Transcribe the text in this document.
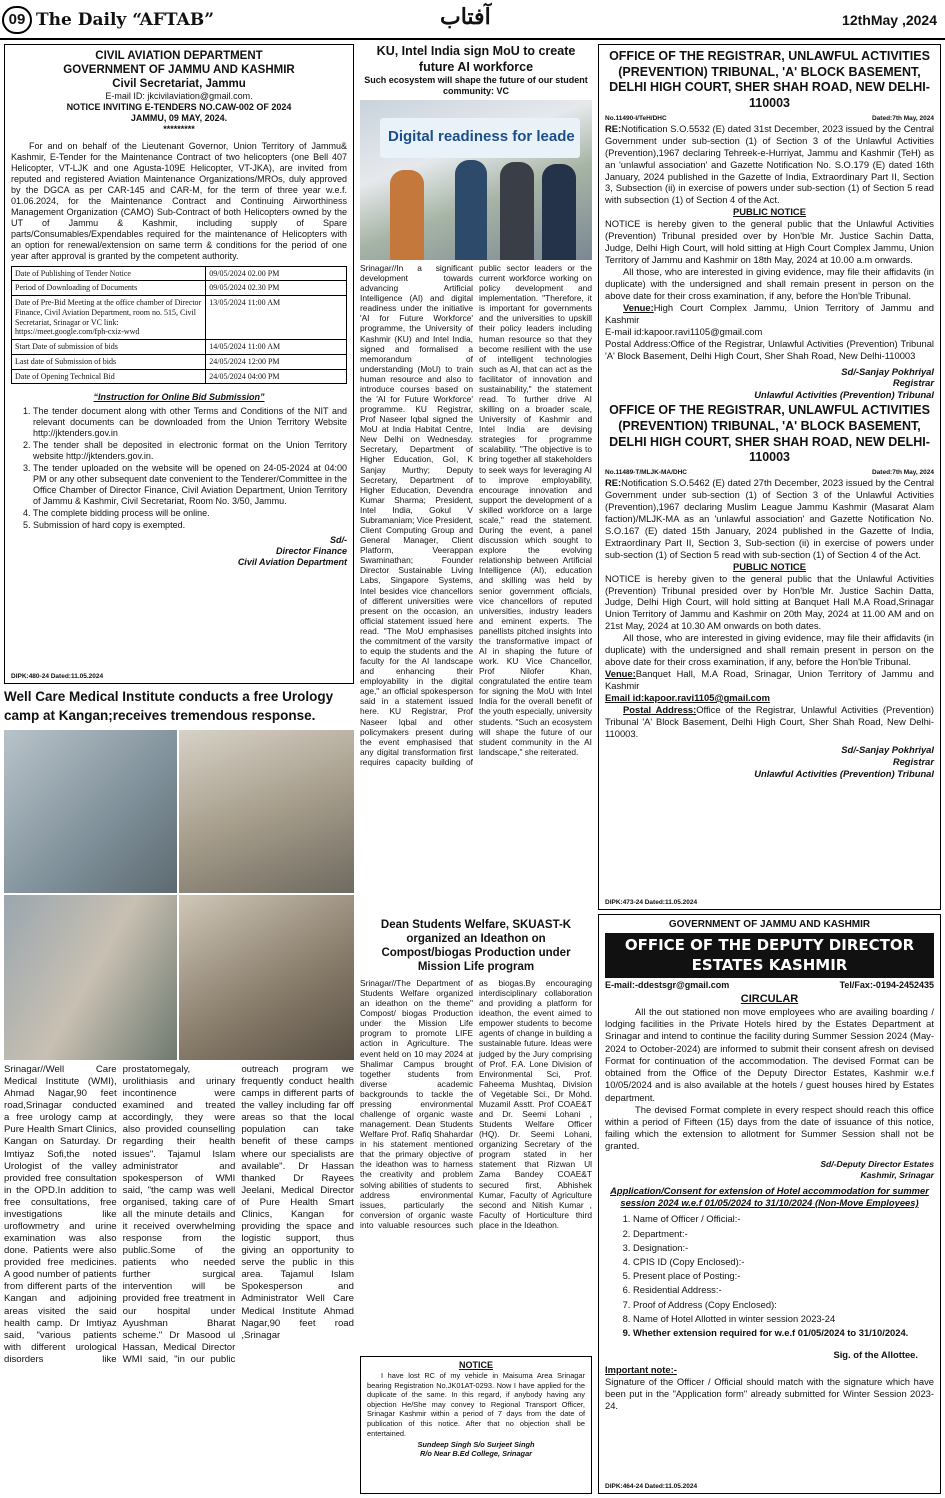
09 The Daily “AFTAB”	آفتاب	12thMay ,2024
CIVIL AVIATION DEPARTMENT
GOVERNMENT OF JAMMU AND KASHMIR
Civil Secretariat, Jammu
E-mail ID: jkcivilaviation@gmail.com.
NOTICE INVITING E-TENDERS NO.CAW-002 OF 2024
JAMMU, 09 MAY, 2024.
*********

For and on behalf of the Lieutenant Governor, Union Territory of Jammu& Kashmir, E-Tender for the Maintenance Contract of two helicopters (one Bell 407 Helicopter, VT-LJK and one Agusta-109E Helicopter, VT-JKA), are invited from reputed and registered Aviation Maintenance Organizations/MROs, duly approved by the DGCA as per CAR-145 and CAR-M, for the term of three year w.e.f. 01.06.2024, for the Maintenance Contract and Continuing Airworthiness Management Organization (CAMO) Sub-Contract of both Helicopters owned by the UT of Jammu & Kashmir, including supply of Spare parts/Consumables/Expendables required for the maintenance of Helicopters with an option for renewal/extension on same term & conditions for the period of one year after approval is granted by the competent authority.

Date of Publishing of Tender Notice	09/05/2024 02.00 PM
Period of Downloading of Documents	09/05/2024 02.30 PM
Date of Pre-Bid Meeting at the office chamber of Director Finance, Civil Aviation Department, room no. 515, Civil Secretariat, Srinagar or VC link: https://meet.google.com/fph-cxiz-wwd	13/05/2024 11:00 AM
Start Date of submission of bids	14/05/2024 11:00 AM
Last date of Submission of bids	24/05/2024 12:00 PM
Date of Opening Technical Bid	24/05/2024 04:00 PM
“Instruction for Online Bid Submission”
1. The tender document along with other Terms and Conditions of the NIT and relevant documents can be downloaded from the Union Territory Website http://jktenders.gov.in
2. The tender shall be deposited in electronic format on the Union Territory website http://jktenders.gov.in.
3. The tender uploaded on the website will be opened on 24-05-2024 at 04:00 PM or any other subsequent date convenient to the Tenderer/Committee in the Office Chamber of Director Finance, Civil Aviation Department, Union Territory of Jammu & Kashmir, Civil Secretariat, Room No. 3/50, Jammu.
4. The complete bidding process will be online.
5. Submission of hard copy is exempted.
Sd/-
Director Finance
Civil Aviation Department
DIPK:480-24 Dated:11.05.2024
Well Care Medical Institute conducts a free Urology camp at Kangan;receives tremendous response.
Srinagar//Well Care Medical Institute (WMI), Ahmad Nagar,90 feet road,Srinagar conducted a free urology camp at Pure Health Smart Clinics, Kangan on Saturday. Dr Imtiyaz Sofi,the noted Urologist of the valley provided free consultation in the OPD.In addition to free consultations, free investigations like uroflowmetry and urine examination was also done. Patients were also provided free medicines. A good number of patients from different parts of the Kangan and adjoining areas visited the said health camp. Dr Imtiyaz said, "various patients with different urological disorders like prostatomegaly, urolithiasis and urinary incontinence were examined and treated accordingly, they were also provided counselling regarding their health issues". Tajamul Islam administrator and spokesperson of WMI said, "the camp was well organised, taking care of all the minute details and it received overwhelming response from the public.Some of the patients who needed further surgical intervention will be provided free treatment in our hospital under Ayushman Bharat scheme." Dr Masood ul Hassan, Medical Director WMI said, "in our public outreach program we frequently conduct health camps in different parts of the valley including far off areas so that the local population can take benefit of these camps where our specialists are available". Dr Hassan thanked Dr Rayees Jeelani, Medical Director of Pure Health Smart Clinics, Kangan for providing the space and logistic support, thus giving an opportunity to serve the public in this area. Tajamul Islam Spokesperson and Administrator Well Care Medical Institute Ahmad Nagar,90 feet road ,Srinagar
KU, Intel India sign MoU to create future AI workforce
Such ecosystem will shape the future of our student community: VC
Digital readiness for leade
Srinagar//In a significant development towards advancing Artificial Intelligence (AI) and digital readiness under the initiative 'AI for Future Workforce' programme, the University of Kashmir (KU) and Intel India, signed and formalised a memorandum of understanding (MoU) to train human resource and also to introduce courses based on the 'AI for Future Workforce' programme. KU Registrar, Prof Naseer Iqbal signed the MoU at India Habitat Centre, New Delhi on Wednesday. Secretary, Department of Higher Education, GoI, K Sanjay Murthy; Deputy Secretary, Department of Higher Education, Devendra Kumar Sharma; President, Intel India, Gokul V Subramaniam; Vice President, Client Computing Group and General Manager, Client Platform, Veerappan Swaminathan; Founder Director Sustainable Living Labs, Singapore Systems, Intel besides vice chancellors of different universities were present on the occasion, an official statement issued here read. "The MoU emphasises the commitment of the varsity to equip the students and the faculty for the AI landscape and enhancing their employability in the digital age," an official spokesperson said in a statement issued here. KU Registrar, Prof Naseer Iqbal and other policymakers present during the event emphasised that any digital transformation first requires capacity building of public sector leaders or the current workforce working on policy development and implementation. "Therefore, it is important for governments and the universities to upskill their policy leaders including human resource so that they become resilient with the use of intelligent technologies such as AI, that can act as the facilitator of innovation and sustainability," the statement read. To further drive AI skilling on a broader scale, University of Kashmir and Intel India are devising strategies for programme scalability. "The objective is to bring together all stakeholders to seek ways for leveraging AI to improve employability, encourage innovation and support the development of a skilled workforce on a large scale," read the statement. During the event, a panel discussion which sought to explore the evolving relationship between Artificial Intelligence (AI), education and skilling was held by senior government officials, vice chancellors of reputed universities, industry leaders and eminent experts. The panellists pitched insights into the transformative impact of AI in shaping the future of work. KU Vice Chancellor, Prof Nilofer Khan, congratulated the entire team for signing the MoU with Intel India for the overall benefit of the youth especially, university students. "Such an ecosystem will shape the future of our student community in the AI landscape," she reiterated.
Dean Students Welfare, SKUAST-K organized an Ideathon on Compost/biogas Production under Mission Life program
Srinagar//The Department of Students Welfare organized an ideathon on the theme" Compost/ biogas Production under the Mission Life program to promote LIFE action in Agriculture. The event held on 10 may 2024 at Shalimar Campus brought together students from diverse academic backgrounds to tackle the pressing environmental challenge of organic waste management. Dean Students Welfare Prof. Rafiq Shahardar in his statement mentioned that the primary objective of the ideathon was to harness the creativity and problem solving abilities of students to address environmental issues, particularly the conversion of organic waste into valuable resources such as biogas.By encouraging interdisciplinary collaboration and providing a platform for ideathon, the event aimed to empower students to become agents of change in building a sustainable future. Ideas were judged by the Jury comprising of Prof. F.A. Lone Division of Environmental Sci, Prof. Faheema Mushtaq, Division of Vegetable Sci., Dr Mohd. Muzamil Asstt. Prof COAE&T and Dr. Seemi Lohani , Students Welfare Officer (HQ). Dr. Seemi Lohani, organizing Secretary of the program stated in her statement that Rizwan Ul Zama Bandey COAE&T secured first, Abhishek Kumar, Faculty of Agriculture second and Nitish Kumar , Faculty of Horticulture third place in the Ideathon.
NOTICE

I have lost RC of my vehicle in Maisuma Area Srinagar bearing Registration No.JK01AT-0293. Now I have applied for the duplicate of the same. In this regard, if anybody having any objection He/She may convey to Regional Transport Officer, Srinagar Kashmir within a period of 7 days from the date of publication of this notice. After that no objection shall be entertained.

Sundeep Singh S/o Surjeet Singh
R/o Near B.Ed College, Srinagar
OFFICE OF THE REGISTRAR, UNLAWFUL ACTIVITIES (PREVENTION) TRIBUNAL, 'A' BLOCK BASEMENT, DELHI HIGH COURT, SHER SHAH ROAD, NEW DELHI-110003
No.11490-I/TeH/DHC	Dated:7th May, 2024

RE:Notification S.O.5532 (E) dated 31st December, 2023 issued by the Central Government under sub-section (1) of Section 3 of the Unlawful Activities (Prevention),1967 declaring Tehreek-e-Hurriyat, Jammu and Kashmir (TeH) as an 'unlawful association' and Gazette Notification No. S.O.179 (E) dated 16th January, 2024 published in the Gazette of India, Extraordinary Part II, Section 3, Subsection (ii) in exercise of powers under sub-section (1) of Section 5 read with subsection (1) of Section 4 of the Act.

PUBLIC NOTICE

NOTICE is hereby given to the general public that the Unlawful Activities (Prevention) Tribunal presided over by Hon'ble Mr. Justice Sachin Datta, Judge, Delhi High Court, will hold sitting at High Court Complex Jammu, Union Territory of Jammu and Kashmir on 18th May, 2024 at 10.00 a.m onwards.

All those, who are interested in giving evidence, may file their affidavits (in duplicate) with the undersigned and shall remain present in person on the above date for their cross examination, if any, before the Hon'ble Tribunal.

Venue:High Court Complex Jammu, Union Territory of Jammu and Kashmir

E-mail id:kapoor.ravi1105@gmail.com

Postal Address:Office of the Registrar, Unlawful Activities (Prevention) Tribunal 'A' Block Basement, Delhi High Court, Sher Shah Road, New Delhi-110003

Sd/-Sanjay Pokhriyal
Registrar
Unlawful Activities (Prevention) Tribunal
OFFICE OF THE REGISTRAR, UNLAWFUL ACTIVITIES (PREVENTION) TRIBUNAL, 'A' BLOCK BASEMENT, DELHI HIGH COURT, SHER SHAH ROAD, NEW DELHI-110003
No.11489-T/MLJK-MA/DHC	Dated:7th May, 2024

RE:Notification S.O.5462 (E) dated 27th December, 2023 issued by the Central Government under sub-section (1) of Section 3 of the Unlawful Activities (Prevention),1967 declaring Muslim League Jammu Kashmir (Masarat Alam faction)/MLJK-MA as an 'unlawful association' and Gazette Notification No. S.O.167 (E) dated 15th January, 2024 published in the Gazette of India, Extraordinary Part II, Section 3, Sub-section (ii) in exercise of powers under sub-section (1) of Section 5 read with sub-section (1) of Section 4 of the Act.

PUBLIC NOTICE

NOTICE is hereby given to the general public that the Unlawful Activities (Prevention) Tribunal presided over by Hon'ble Mr. Justice Sachin Datta, Judge, Delhi High Court, will hold sitting at Banquet Hall M.A Road,Srinagar Union Territory of Jammu and Kashmir on 20th May, 2024 at 11.00 AM and on 21st May, 2024 at 10.30 AM onwards on both dates.

All those, who are interested in giving evidence, may file their affidavits (in duplicate) with the undersigned and shall remain present in person on the above date for their cross examination, if any, before the Hon'ble Tribunal.

Venue:Banquet Hall, M.A Road, Srinagar, Union Territory of Jammu and Kashmir

Email id:kapoor.ravi1105@gmail.com

Postal Address:Office of the Registrar, Unlawful Activities (Prevention) Tribunal 'A' Block Basement, Delhi High Court, Sher Shah Road, New Delhi-110003.

Sd/-Sanjay Pokhriyal
Registrar
Unlawful Activities (Prevention) Tribunal
DIPK:473-24 Dated:11.05.2024
GOVERNMENT OF JAMMU AND KASHMIR
OFFICE OF THE DEPUTY DIRECTOR ESTATES KASHMIR
E-mail:-ddestsgr@gmail.com	Tel/Fax:-0194-2452435
CIRCULAR

All the out stationed non move employees who are availing boarding / lodging facilities in the Private Hotels hired by the Estates Department at Srinagar and intend to continue the facility during Summer Session 2024 (May-2024 to October-2024) are informed to submit their consent afresh on devised Format for continuation of the accommodation. The devised Format can be obtained from the Office of the Deputy Director Estates, Kashmir w.e.f 10/05/2024 and is also available at the hotels / guest houses hired by Estates department.

The devised Format complete in every respect should reach this office within a period of Fifteen (15) days from the date of issuance of this notice, failing which the extension to allotment for Summer Session shall not be granted.

Sd/-Deputy Director Estates
Kashmir, Srinagar
Application/Consent for extension of Hotel accommodation for summer session 2024 w.e.f 01/05/2024 to 31/10/2024 (Non-Move Employees)
1. Name of Officer / Official:-
2. Department:-
3. Designation:-
4. CPIS ID (Copy Enclosed):-
5. Present place of Posting:-
6. Residential Address:-
7. Proof of Address (Copy Enclosed):
8. Name of Hotel Allotted in winter session 2023-24
9. Whether extension required for w.e.f 01/05/2024 to 31/10/2024.
Sig. of the Allottee.
Important note:-

Signature of the Officer / Official should match with the signature which have been put in the "Application form" already submitted for Winter Session 2023-24.

DIPK:464-24 Dated:11.05.2024
